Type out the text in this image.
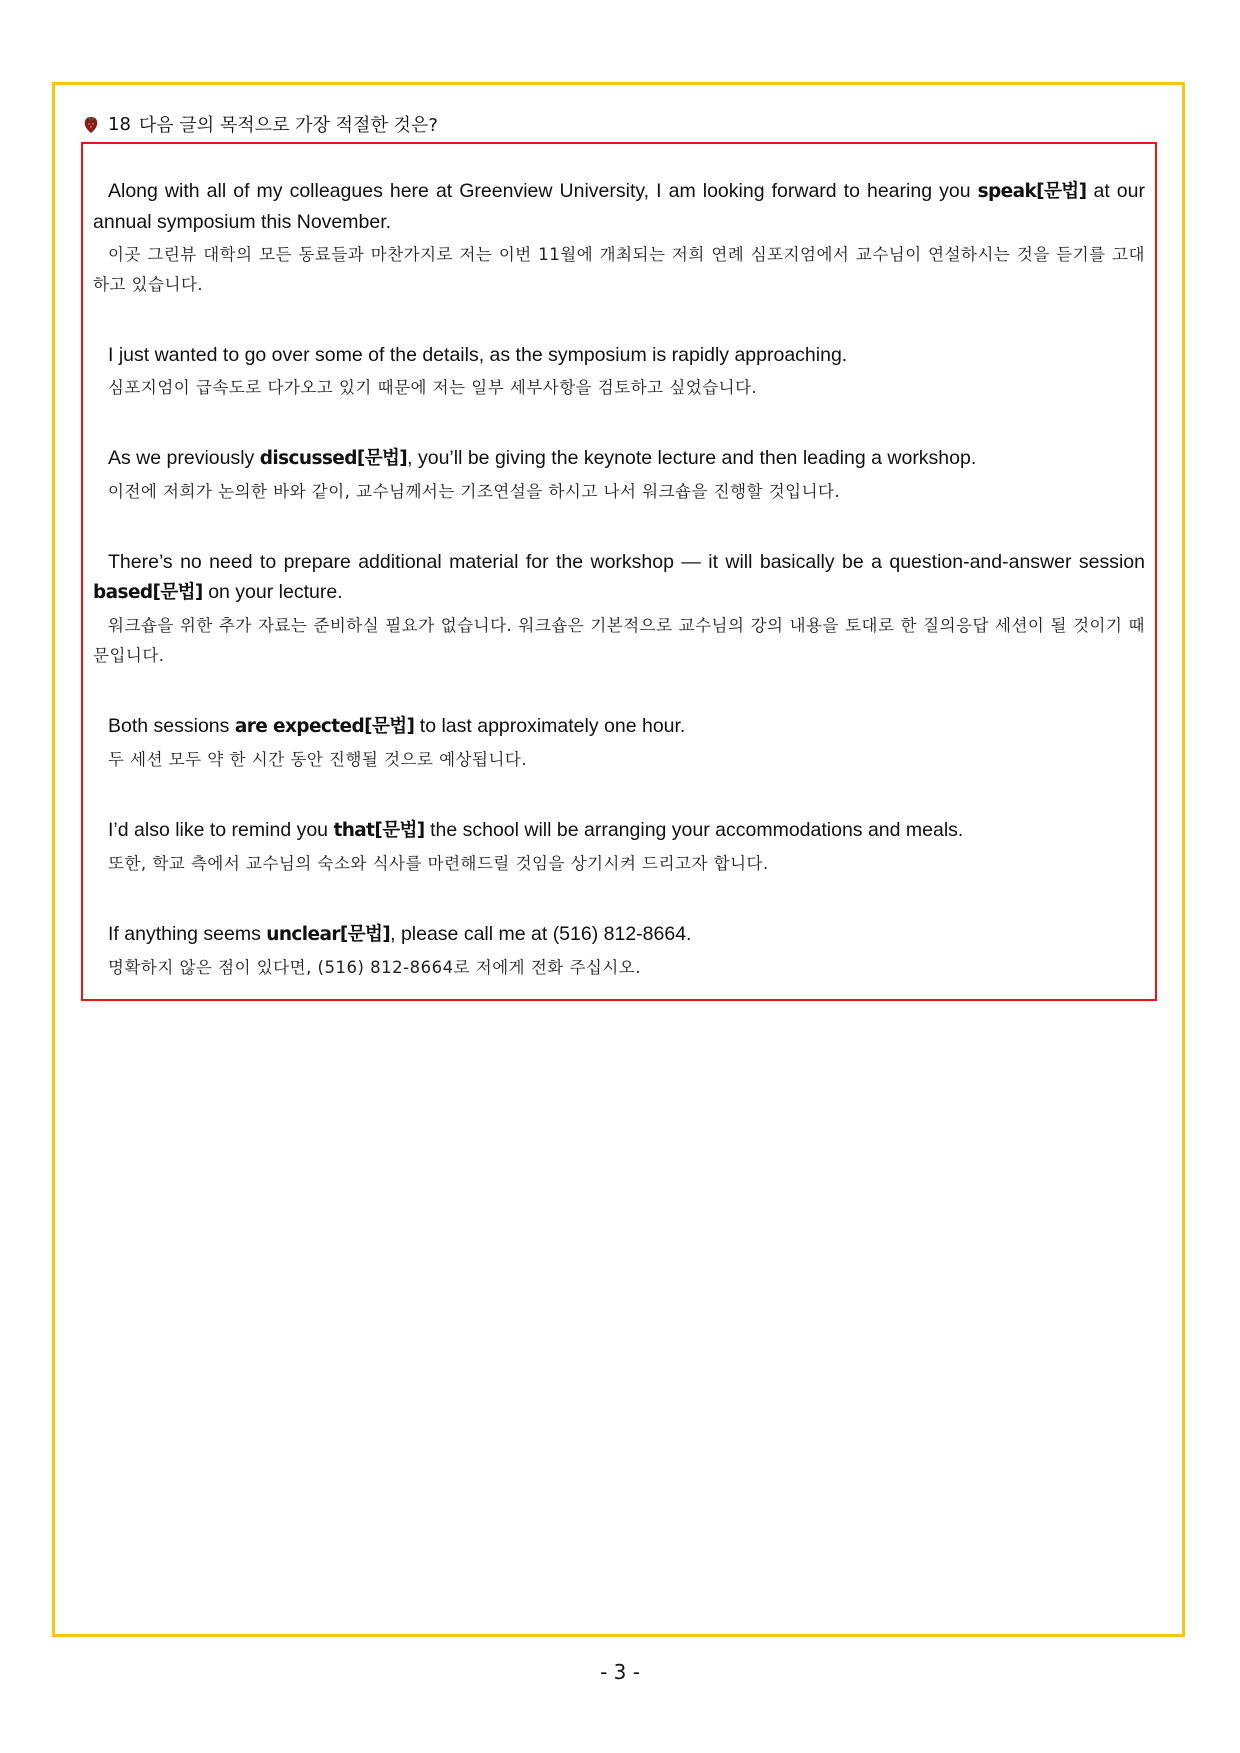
18 다음 글의 목적으로 가장 적절한 것은?

Along with all of my colleagues here at Greenview University, I am looking forward to hearing you speak[문법] at our annual symposium this November.

이곳 그린뷰 대학의 모든 동료들과 마찬가지로 저는 이번 11월에 개최되는 저희 연례 심포지엄에서 교수님이 연설하시는 것을 듣기를 고대하고 있습니다.

I just wanted to go over some of the details, as the symposium is rapidly approaching.

심포지엄이 급속도로 다가오고 있기 때문에 저는 일부 세부사항을 검토하고 싶었습니다.

As we previously discussed[문법], you’ll be giving the keynote lecture and then leading a workshop.

이전에 저희가 논의한 바와 같이, 교수님께서는 기조연설을 하시고 나서 워크숍을 진행할 것입니다.

There’s no need to prepare additional material for the workshop — it will basically be a question-and-answer session based[문법] on your lecture.

워크숍을 위한 추가 자료는 준비하실 필요가 없습니다. 워크숍은 기본적으로 교수님의 강의 내용을 토대로 한 질의응답 세션이 될 것이기 때문입니다.

Both sessions are expected[문법] to last approximately one hour.

두 세션 모두 약 한 시간 동안 진행될 것으로 예상됩니다.

I’d also like to remind you that[문법] the school will be arranging your accommodations and meals.

또한, 학교 측에서 교수님의 숙소와 식사를 마련해드릴 것임을 상기시켜 드리고자 합니다.

If anything seems unclear[문법], please call me at (516) 812-8664.

명확하지 않은 점이 있다면, (516) 812-8664로 저에게 전화 주십시오.

- 3 -
